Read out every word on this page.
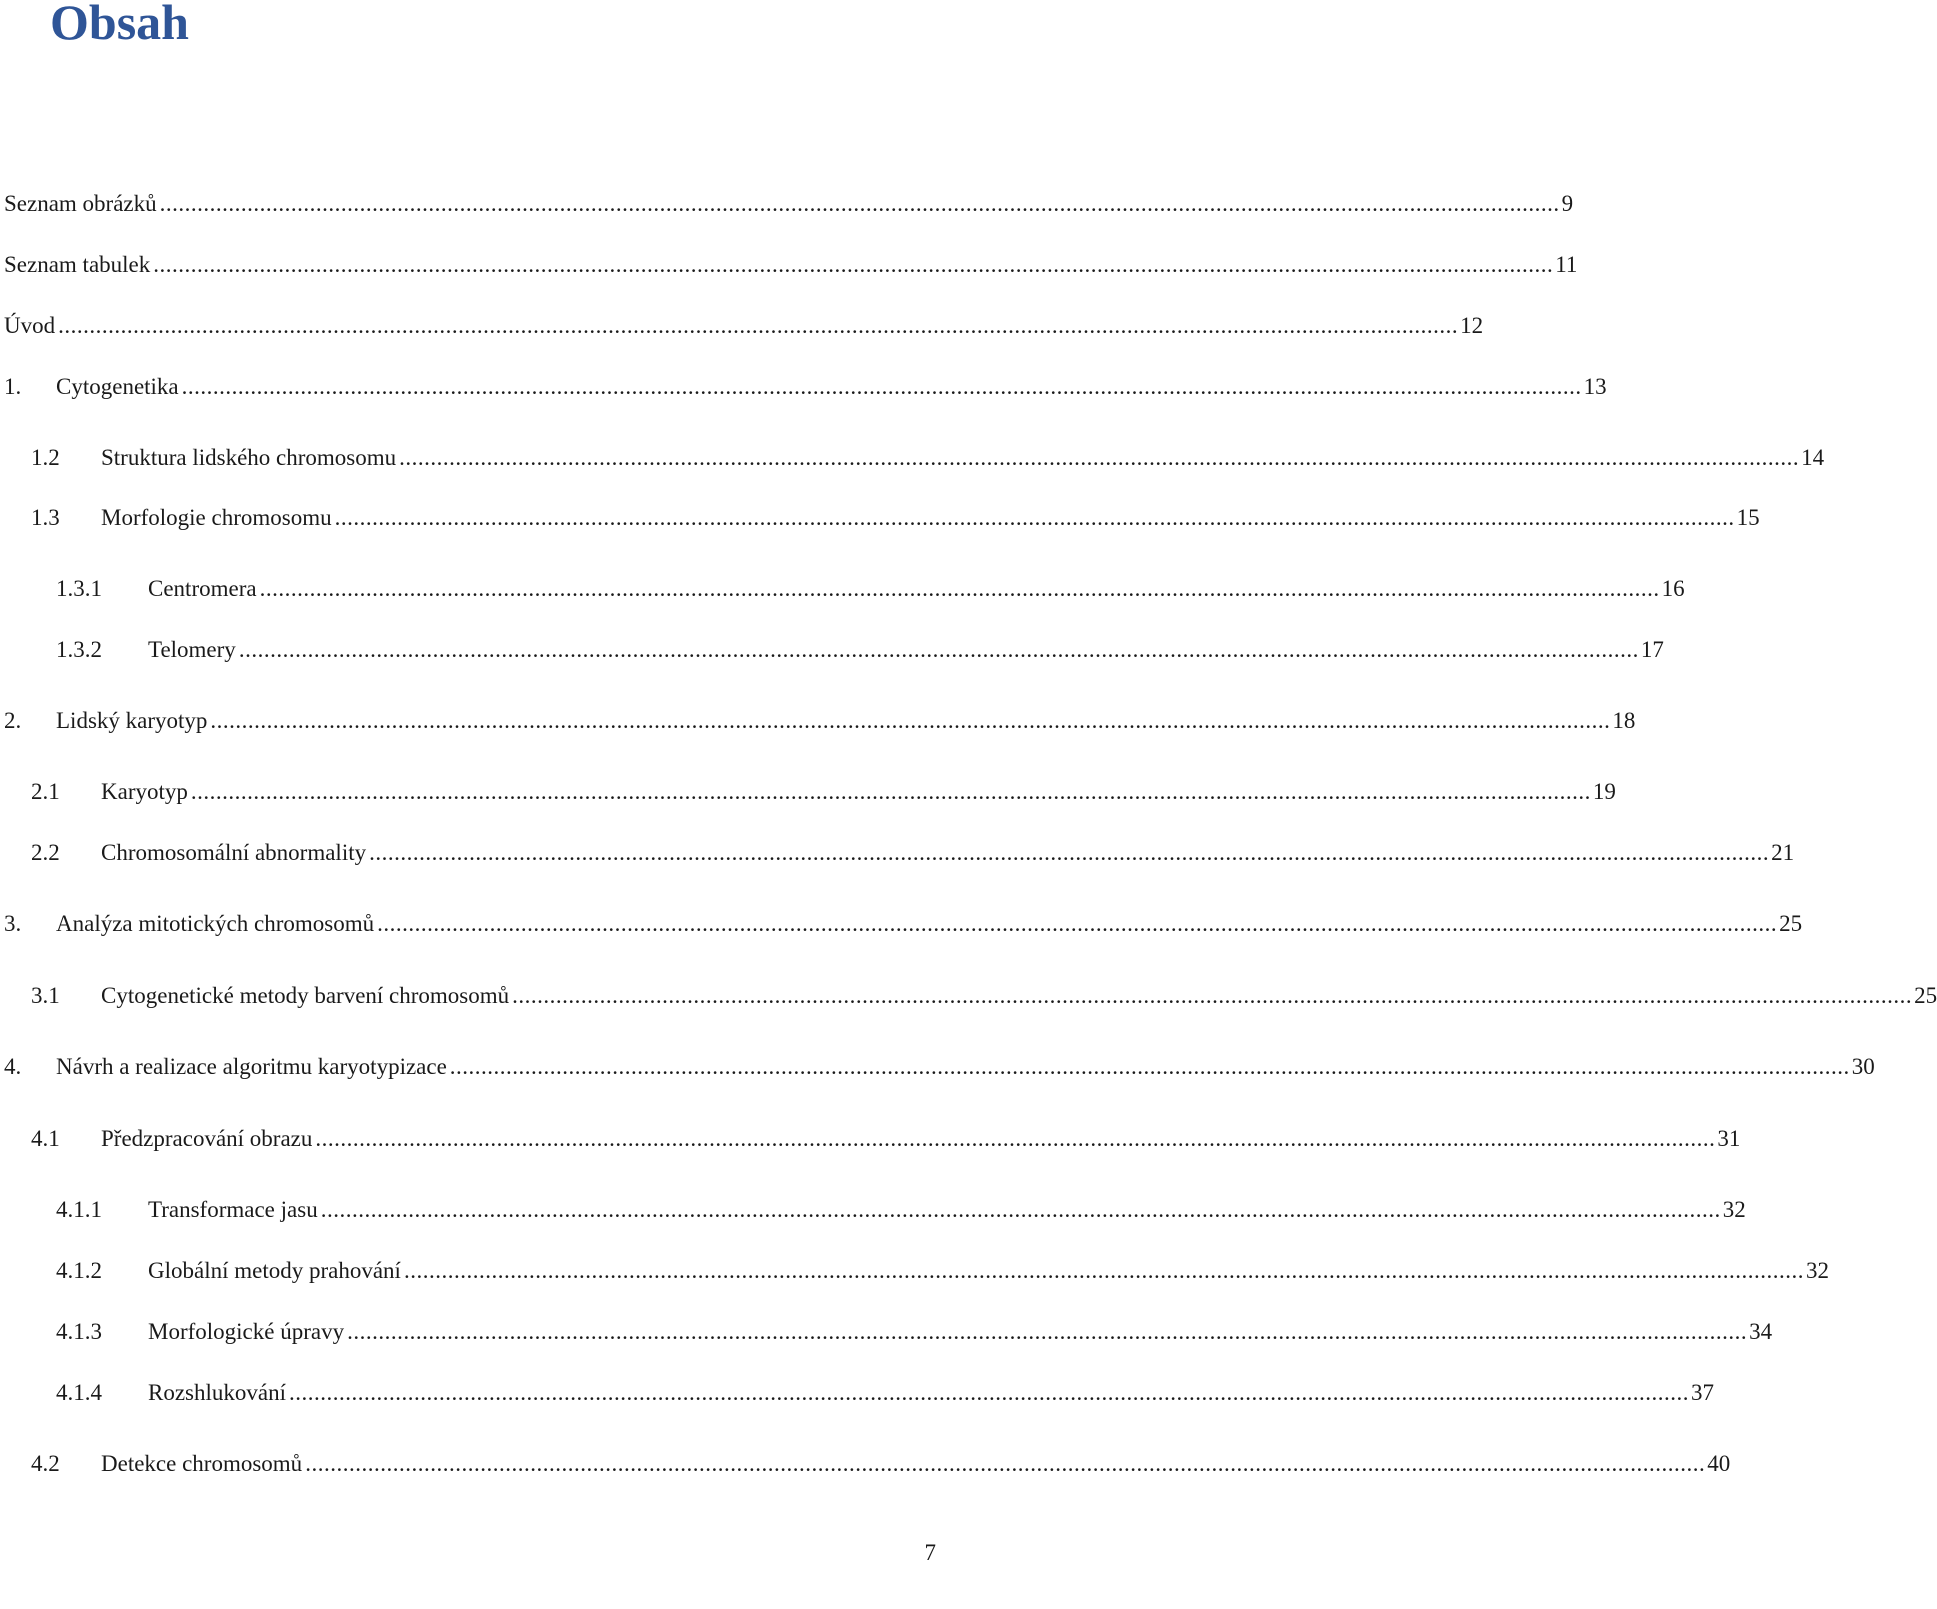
Obsah
Seznam obrázků ................................................................................................................................................................................................................................ 9
Seznam tabulek ................................................................................................................................................................................................................................ 11
Úvod ................................................................................................................................................................................................................................ 12
1.	Cytogenetika ................................................................................................................................................................................................................................ 13
1.2	Struktura lidského chromosomu ................................................................................................................................................................................................................................ 14
1.3	Morfologie chromosomu ................................................................................................................................................................................................................................ 15
1.3.1	Centromera ................................................................................................................................................................................................................................ 16
1.3.2	Telomery ................................................................................................................................................................................................................................ 17
2.	Lidský karyotyp ................................................................................................................................................................................................................................ 18
2.1	Karyotyp ................................................................................................................................................................................................................................ 19
2.2	Chromosomální abnormality ................................................................................................................................................................................................................................ 21
3.	Analýza mitotických chromosomů ................................................................................................................................................................................................................................ 25
3.1	Cytogenetické metody barvení chromosomů ................................................................................................................................................................................................................................ 25
4.	Návrh a realizace algoritmu karyotypizace ................................................................................................................................................................................................................................ 30
4.1	Předzpracování obrazu ................................................................................................................................................................................................................................ 31
4.1.1	Transformace jasu ................................................................................................................................................................................................................................ 32
4.1.2	Globální metody prahování ................................................................................................................................................................................................................................ 32
4.1.3	Morfologické úpravy ................................................................................................................................................................................................................................ 34
4.1.4	Rozshlukování ................................................................................................................................................................................................................................ 37
4.2	Detekce chromosomů ................................................................................................................................................................................................................................ 40
7
